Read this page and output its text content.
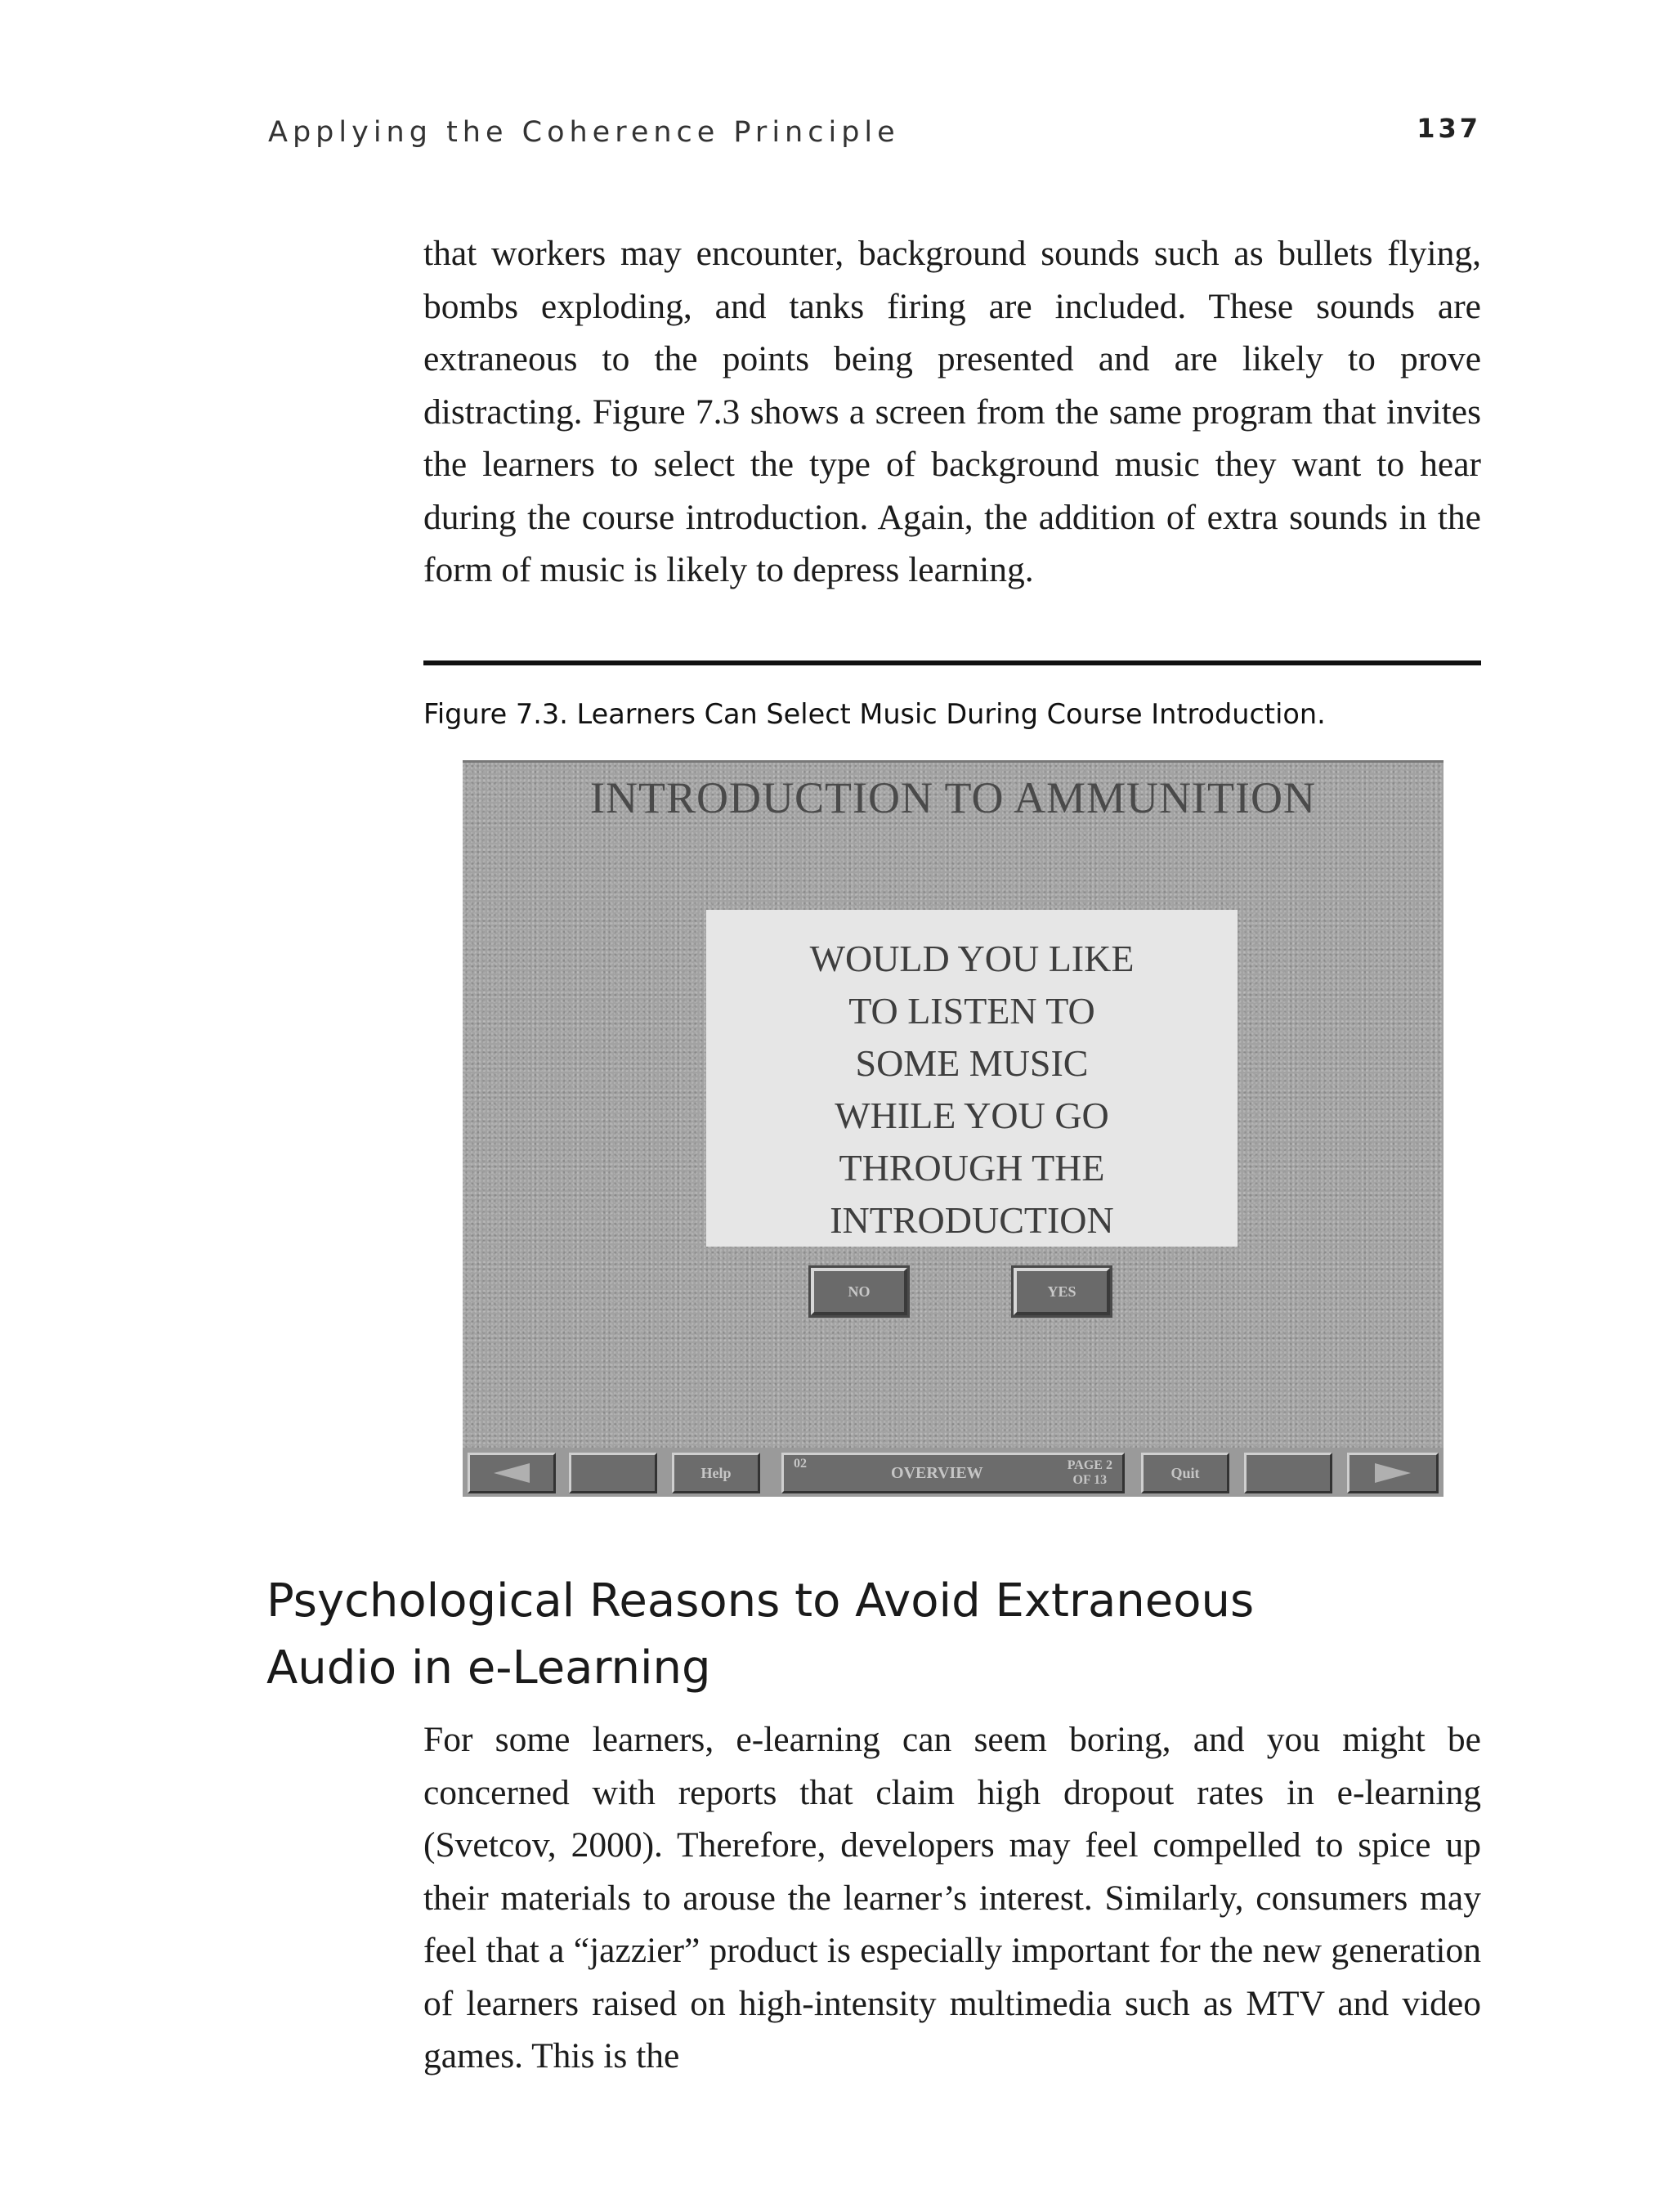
Applying the Coherence Principle	137

that workers may encounter, background sounds such as bullets flying, bombs exploding, and tanks firing are included. These sounds are extraneous to the points being presented and are likely to prove distracting. Figure 7.3 shows a screen from the same program that invites the learners to select the type of background music they want to hear during the course introduction. Again, the addition of extra sounds in the form of music is likely to depress learning.

Figure 7.3. Learners Can Select Music During Course Introduction.
INTRODUCTION TO AMMUNITION

WOULD YOU LIKE
TO LISTEN TO
SOME MUSIC
WHILE YOU GO
THROUGH THE
INTRODUCTION

NO	YES
Help
02	OVERVIEW	PAGE 2
OF 13	Quit
Psychological Reasons to Avoid Extraneous
Audio in e-Learning

For some learners, e-learning can seem boring, and you might be concerned with reports that claim high dropout rates in e-learning (Svetcov, 2000). Therefore, developers may feel compelled to spice up their materials to arouse the learner’s interest. Similarly, consumers may feel that a “jazzier” product is especially important for the new generation of learners raised on high-intensity multimedia such as MTV and video games. This is the
